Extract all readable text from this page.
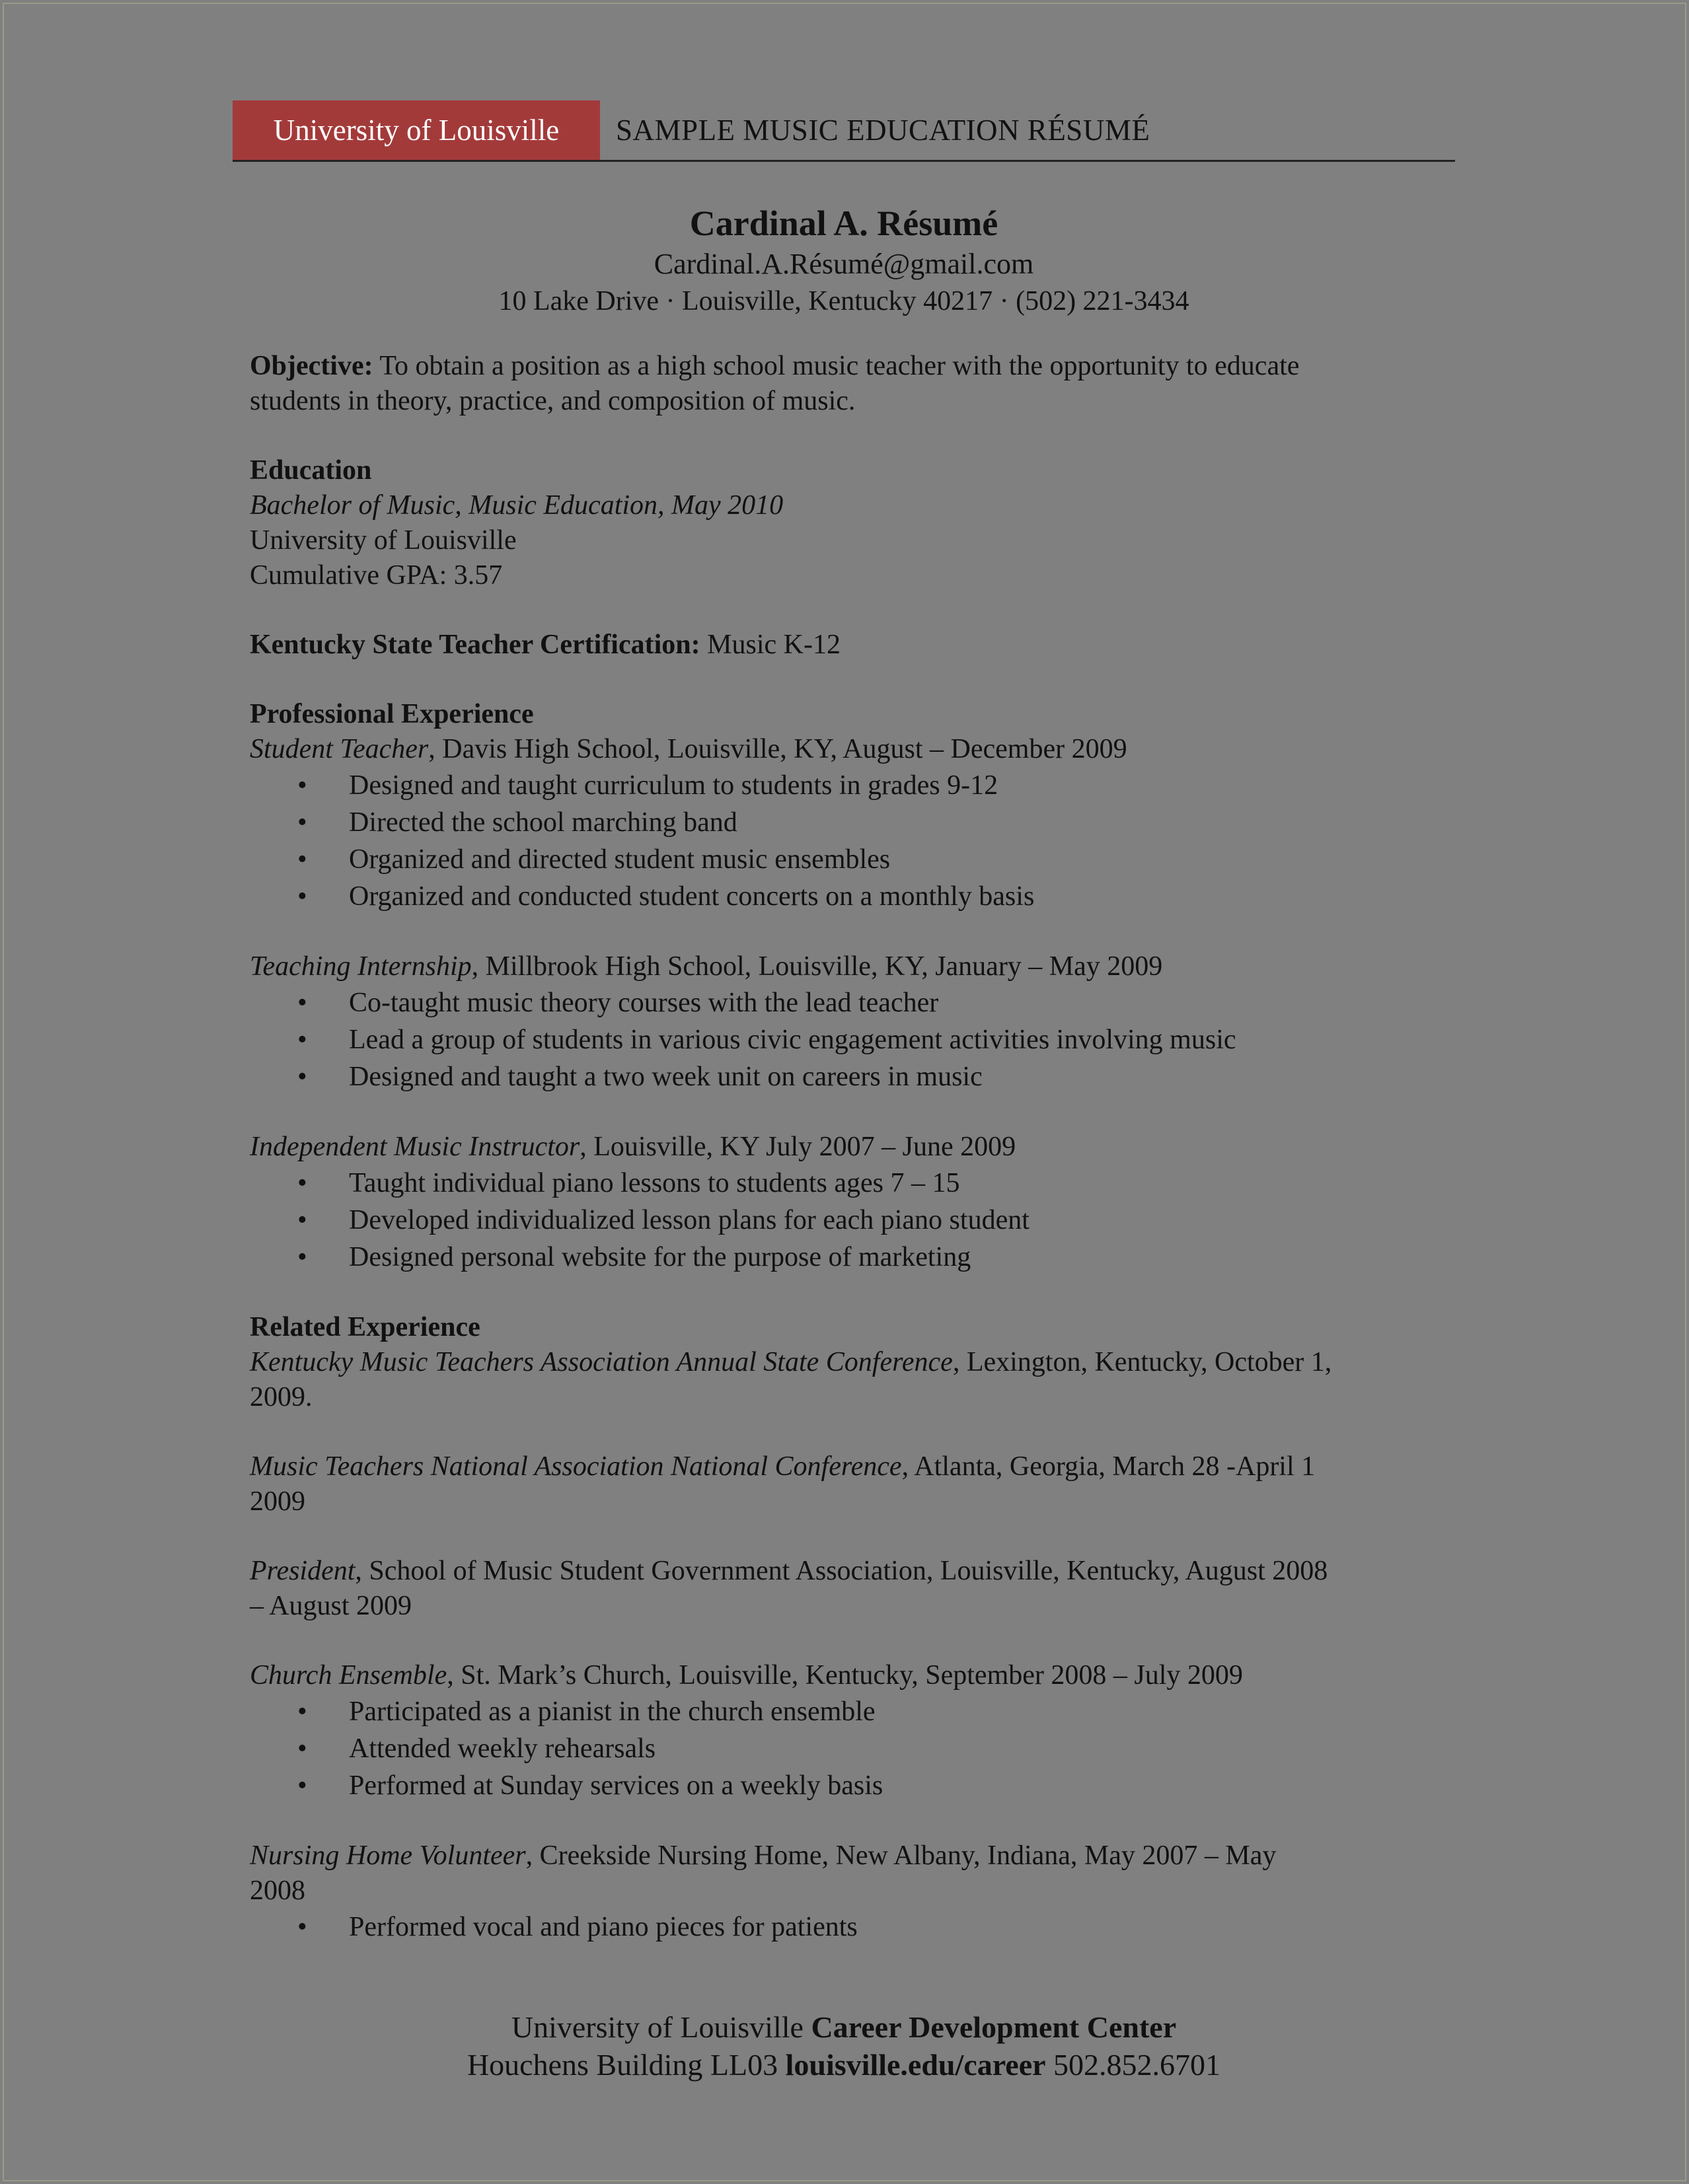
University of Louisville	SAMPLE MUSIC EDUCATION RÉSUMÉ
Cardinal A. Résumé
Cardinal.A.Résumé@gmail.com
10 Lake Drive · Louisville, Kentucky 40217 · (502) 221-3434

Objective: To obtain a position as a high school music teacher with the opportunity to educate

students in theory, practice, and composition of music.

Education

Bachelor of Music, Music Education, May 2010

University of Louisville

Cumulative GPA: 3.57

Kentucky State Teacher Certification: Music K-12

Professional Experience

Student Teacher, Davis High School, Louisville, KY, August – December 2009

• Designed and taught curriculum to students in grades 9-12
• Directed the school marching band
• Organized and directed student music ensembles
• Organized and conducted student concerts on a monthly basis

Teaching Internship, Millbrook High School, Louisville, KY, January – May 2009

• Co-taught music theory courses with the lead teacher
• Lead a group of students in various civic engagement activities involving music
• Designed and taught a two week unit on careers in music

Independent Music Instructor, Louisville, KY July 2007 – June 2009

• Taught individual piano lessons to students ages 7 – 15
• Developed individualized lesson plans for each piano student
• Designed personal website for the purpose of marketing

Related Experience

Kentucky Music Teachers Association Annual State Conference, Lexington, Kentucky, October 1,

2009.

Music Teachers National Association National Conference, Atlanta, Georgia, March 28 -April 1

2009

President, School of Music Student Government Association, Louisville, Kentucky, August 2008

– August 2009

Church Ensemble, St. Mark’s Church, Louisville, Kentucky, September 2008 – July 2009

• Participated as a pianist in the church ensemble
• Attended weekly rehearsals
• Performed at Sunday services on a weekly basis

Nursing Home Volunteer, Creekside Nursing Home, New Albany, Indiana, May 2007 – May

2008

• Performed vocal and piano pieces for patients
University of Louisville Career Development Center
Houchens Building LL03 louisville.edu/career 502.852.6701
